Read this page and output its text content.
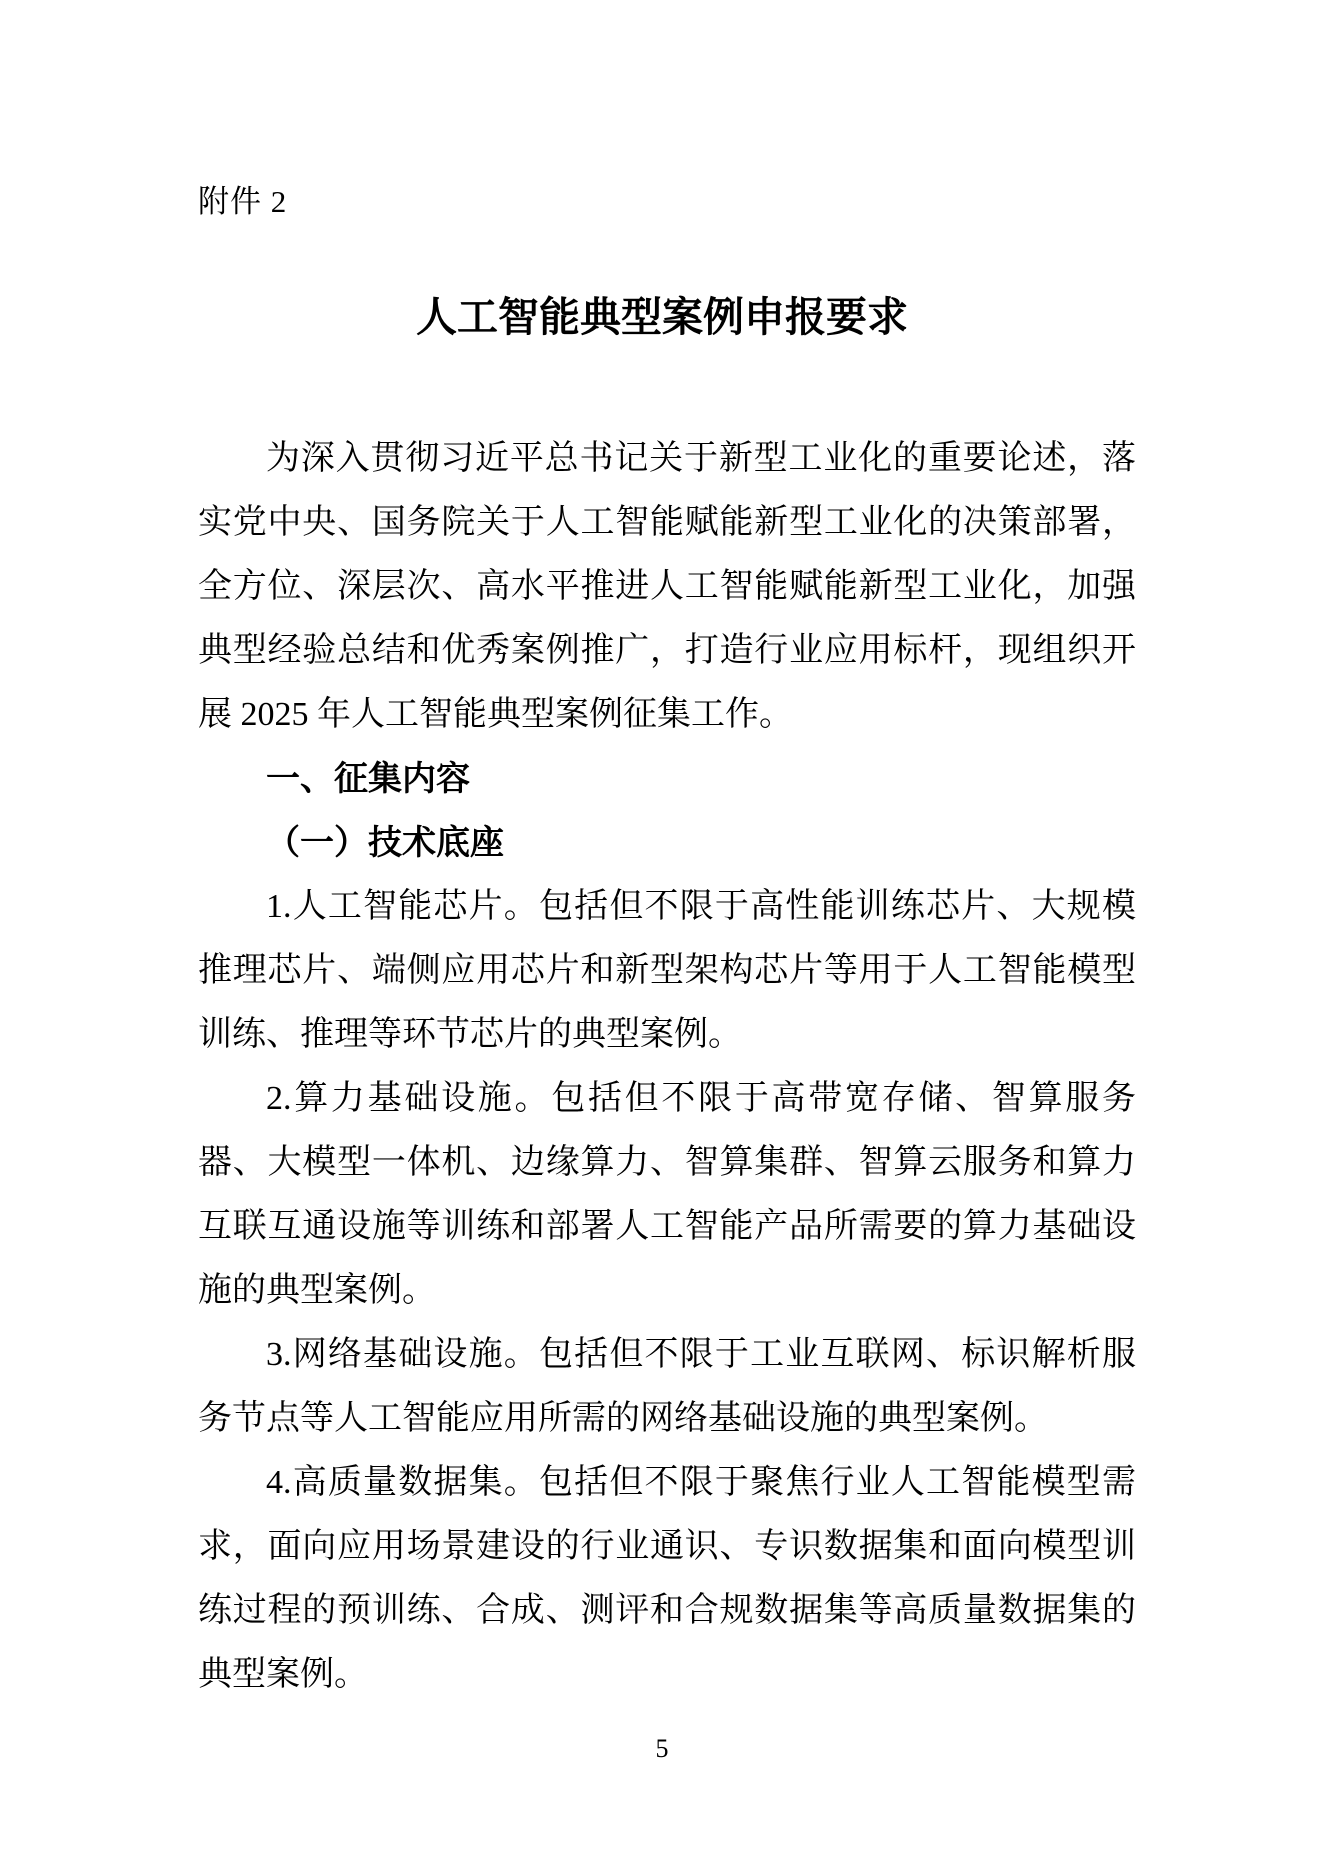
附件 2
人工智能典型案例申报要求

为深入贯彻习近平总书记关于新型工业化的重要论述，落实党中央、国务院关于人工智能赋能新型工业化的决策部署，全方位、深层次、高水平推进人工智能赋能新型工业化，加强典型经验总结和优秀案例推广，打造行业应用标杆，现组织开展 2025 年人工智能典型案例征集工作。

一、征集内容
（一）技术底座

1.人工智能芯片。包括但不限于高性能训练芯片、大规模推理芯片、端侧应用芯片和新型架构芯片等用于人工智能模型训练、推理等环节芯片的典型案例。

2.算力基础设施。包括但不限于高带宽存储、智算服务器、大模型一体机、边缘算力、智算集群、智算云服务和算力互联互通设施等训练和部署人工智能产品所需要的算力基础设施的典型案例。

3.网络基础设施。包括但不限于工业互联网、标识解析服务节点等人工智能应用所需的网络基础设施的典型案例。

4.高质量数据集。包括但不限于聚焦行业人工智能模型需求，面向应用场景建设的行业通识、专识数据集和面向模型训练过程的预训练、合成、测评和合规数据集等高质量数据集的典型案例。

5
